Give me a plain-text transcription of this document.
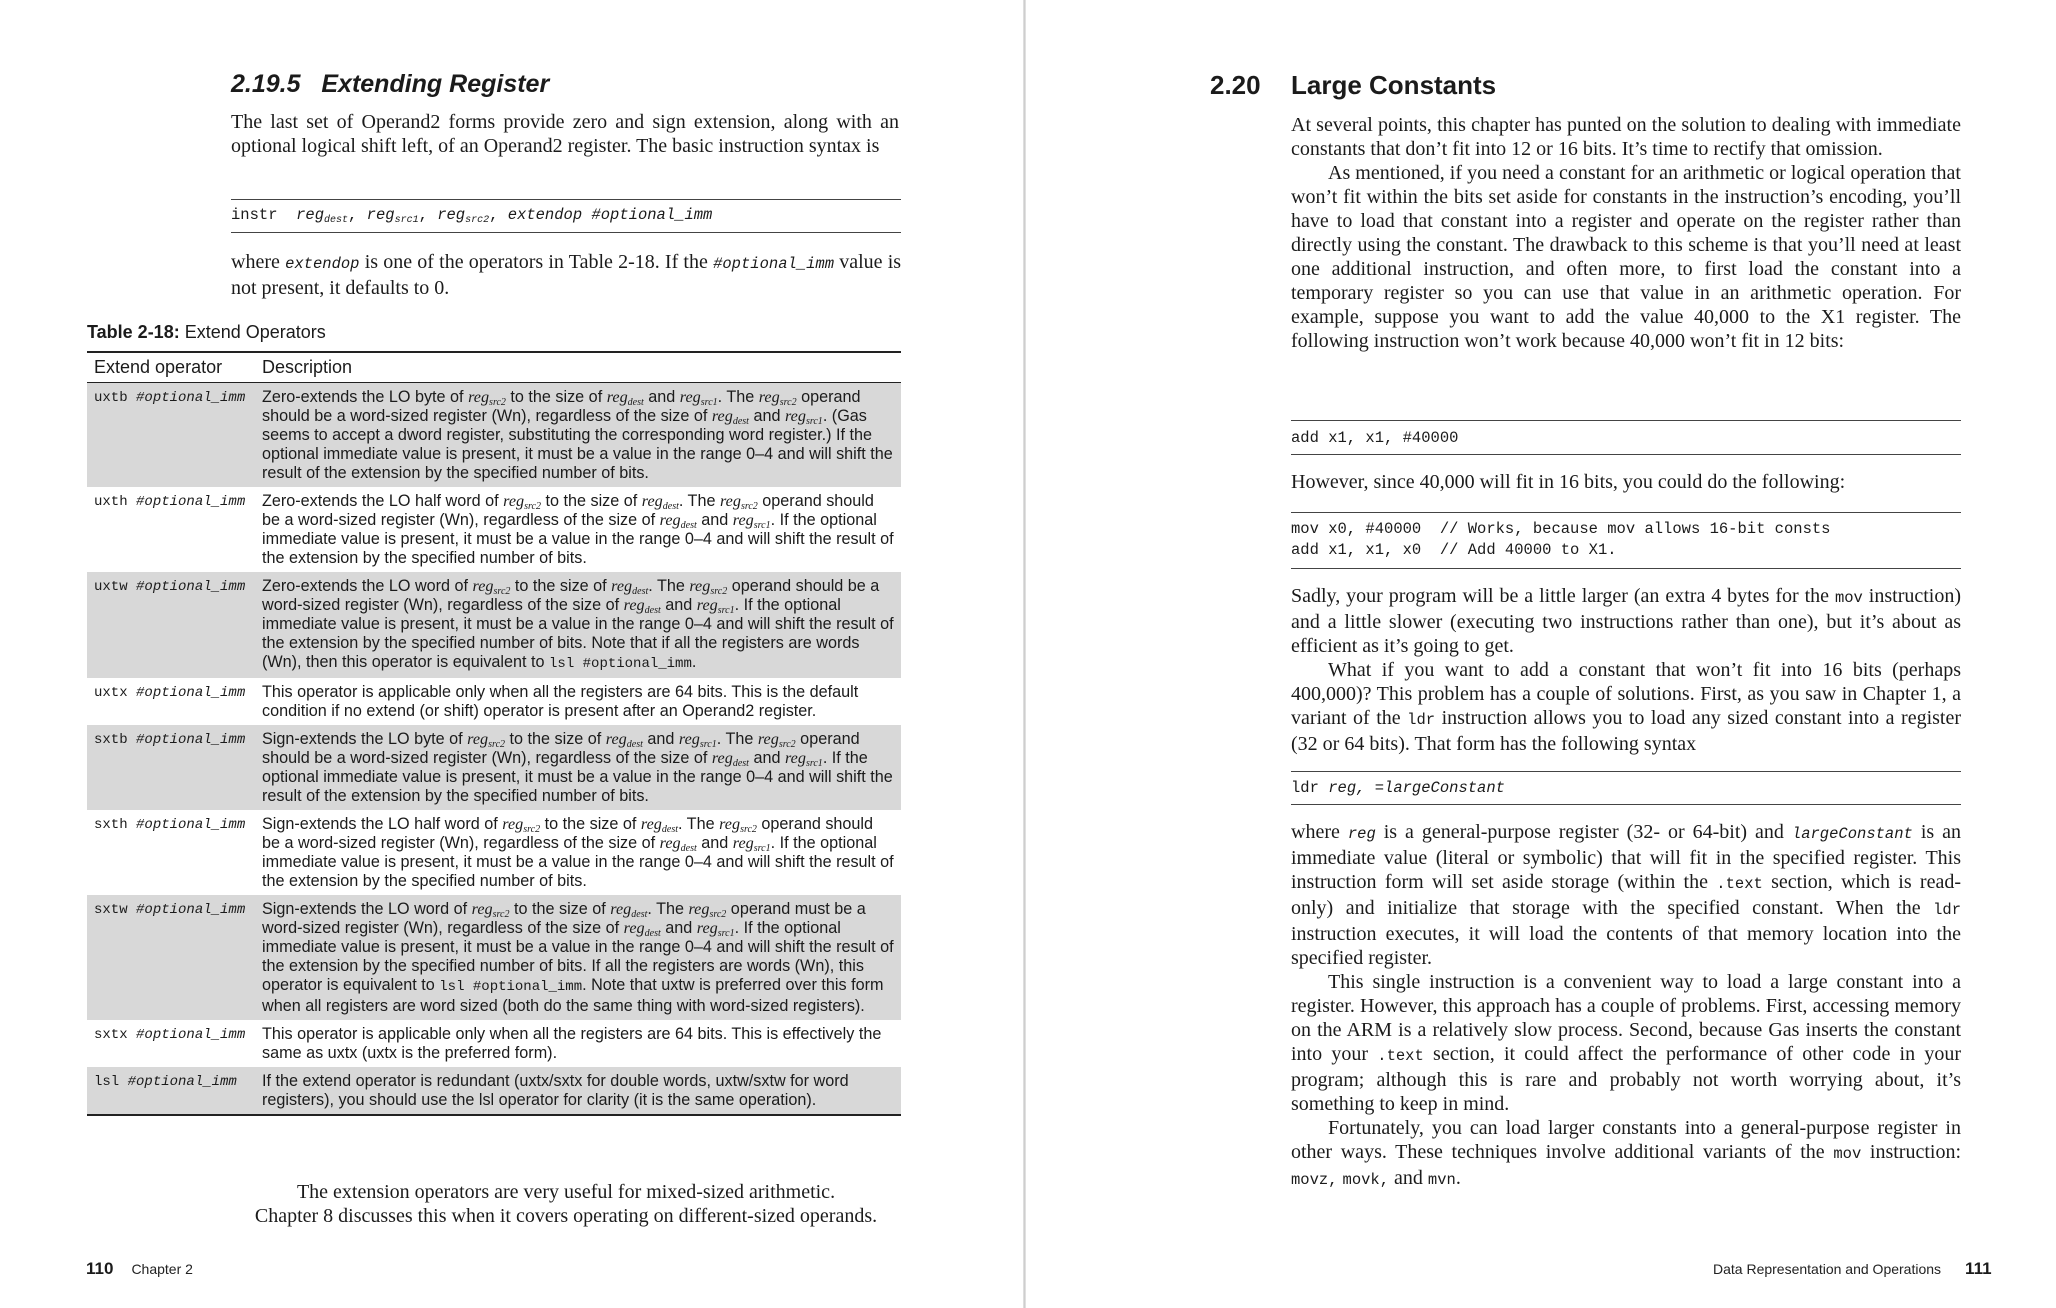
2.19.5 Extending Register

The last set of Operand2 forms provide zero and sign extension, along with an optional logical shift left, of an Operand2 register. The basic instruction syntax is

instr reg$_{dest}$, reg$_{src1}$, reg$_{src2}$, extendop #optional_imm

where extendop is one of the operators in Table 2-18. If the #optional_imm value is not present, it defaults to 0.

Table 2-18: Extend Operators
Extend operator	Description
uxtb #optional_imm	Zero-extends the LO byte of reg$_{src2}$ to the size of reg$_{dest}$ and reg$_{src1}$. The reg$_{src2}$ operand should be a word-sized register (Wn), regardless of the size of reg$_{dest}$ and reg$_{src1}$. (Gas seems to accept a dword register, substituting the corresponding word register.) If the optional immediate value is present, it must be a value in the range 0–4 and will shift the result of the extension by the specified number of bits.
uxth #optional_imm	Zero-extends the LO half word of reg$_{src2}$ to the size of reg$_{dest}$. The reg$_{src2}$ operand should be a word-sized register (Wn), regardless of the size of reg$_{dest}$ and reg$_{src1}$. If the optional immediate value is present, it must be a value in the range 0–4 and will shift the result of the extension by the specified number of bits.
uxtw #optional_imm	Zero-extends the LO word of reg$_{src2}$ to the size of reg$_{dest}$. The reg$_{src2}$ operand should be a word-sized register (Wn), regardless of the size of reg$_{dest}$ and reg$_{src1}$. If the optional immediate value is present, it must be a value in the range 0–4 and will shift the result of the extension by the specified number of bits. Note that if all the registers are words (Wn), then this operator is equivalent to lsl #optional_imm.
uxtx #optional_imm	This operator is applicable only when all the registers are 64 bits. This is the default condition if no extend (or shift) operator is present after an Operand2 register.
sxtb #optional_imm	Sign-extends the LO byte of reg$_{src2}$ to the size of reg$_{dest}$ and reg$_{src1}$. The reg$_{src2}$ operand should be a word-sized register (Wn), regardless of the size of reg$_{dest}$ and reg$_{src1}$. If the optional immediate value is present, it must be a value in the range 0–4 and will shift the result of the extension by the specified number of bits.
sxth #optional_imm	Sign-extends the LO half word of reg$_{src2}$ to the size of reg$_{dest}$. The reg$_{src2}$ operand should be a word-sized register (Wn), regardless of the size of reg$_{dest}$ and reg$_{src1}$. If the optional immediate value is present, it must be a value in the range 0–4 and will shift the result of the extension by the specified number of bits.
sxtw #optional_imm	Sign-extends the LO word of reg$_{src2}$ to the size of reg$_{dest}$. The reg$_{src2}$ operand must be a word-sized register (Wn), regardless of the size of reg$_{dest}$ and reg$_{src1}$. If the optional immediate value is present, it must be a value in the range 0–4 and will shift the result of the extension by the specified number of bits. If all the registers are words (Wn), this operator is equivalent to lsl #optional_imm. Note that uxtw is preferred over this form when all registers are word sized (both do the same thing with word-sized registers).
sxtx #optional_imm	This operator is applicable only when all the registers are 64 bits. This is effectively the same as uxtx (uxtx is the preferred form).
lsl #optional_imm	If the extend operator is redundant (uxtx/sxtx for double words, uxtw/sxtw for word registers), you should use the lsl operator for clarity (it is the same operation).
The extension operators are very useful for mixed-sized arithmetic.
Chapter 8 discusses this when it covers operating on different-sized operands.
110 Chapter 2
2.20 Large Constants

At several points, this chapter has punted on the solution to dealing with immediate constants that don’t fit into 12 or 16 bits. It’s time to rectify that omission.

As mentioned, if you need a constant for an arithmetic or logical operation that won’t fit within the bits set aside for constants in the instruction’s encoding, you’ll have to load that constant into a register and operate on the register rather than directly using the constant. The drawback to this scheme is that you’ll need at least one additional instruction, and often more, to first load the constant into a temporary register so you can use that value in an arithmetic operation. For example, suppose you want to add the value 40,000 to the X1 register. The following instruction won’t work because 40,000 won’t fit in 12 bits:

add x1, x1, #40000

However, since 40,000 will fit in 16 bits, you could do the following:

mov x0, #40000  // Works, because mov allows 16-bit consts
add x1, x1, x0  // Add 40000 to X1.

Sadly, your program will be a little larger (an extra 4 bytes for the mov instruction) and a little slower (executing two instructions rather than one), but it’s about as efficient as it’s going to get.

What if you want to add a constant that won’t fit into 16 bits (perhaps 400,000)? This problem has a couple of solutions. First, as you saw in Chapter 1, a variant of the ldr instruction allows you to load any sized constant into a register (32 or 64 bits). That form has the following syntax

ldr reg, =largeConstant

where reg is a general-purpose register (32- or 64-bit) and largeConstant is an immediate value (literal or symbolic) that will fit in the specified register. This instruction form will set aside storage (within the .text section, which is read-only) and initialize that storage with the specified constant. When the ldr instruction executes, it will load the contents of that memory location into the specified register.

This single instruction is a convenient way to load a large constant into a register. However, this approach has a couple of problems. First, accessing memory on the ARM is a relatively slow process. Second, because Gas inserts the constant into your .text section, it could affect the performance of other code in your program; although this is rare and probably not worth worrying about, it’s something to keep in mind.

Fortunately, you can load larger constants into a general-purpose register in other ways. These techniques involve additional variants of the mov instruction: movz, movk, and mvn.

Data Representation and Operations 111
